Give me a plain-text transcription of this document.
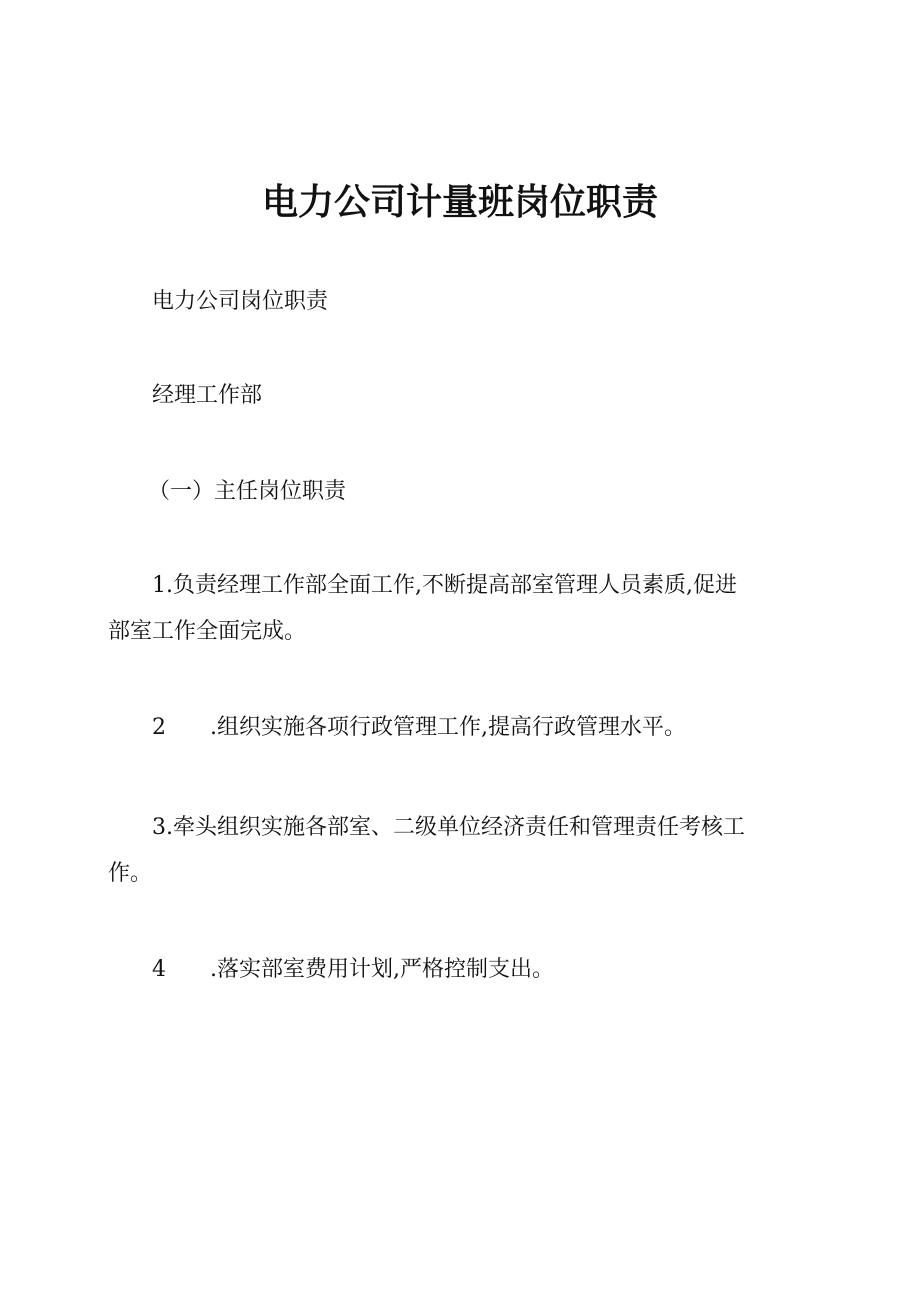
电力公司计量班岗位职责
电力公司岗位职责
经理工作部
（一）主任岗位职责
1.负责经理工作部全面工作,不断提高部室管理人员素质,促进
部室工作全面完成。
2 .组织实施各项行政管理工作,提高行政管理水平。
3.牵头组织实施各部室、二级单位经济责任和管理责任考核工
作。
4 .落实部室费用计划,严格控制支出。
